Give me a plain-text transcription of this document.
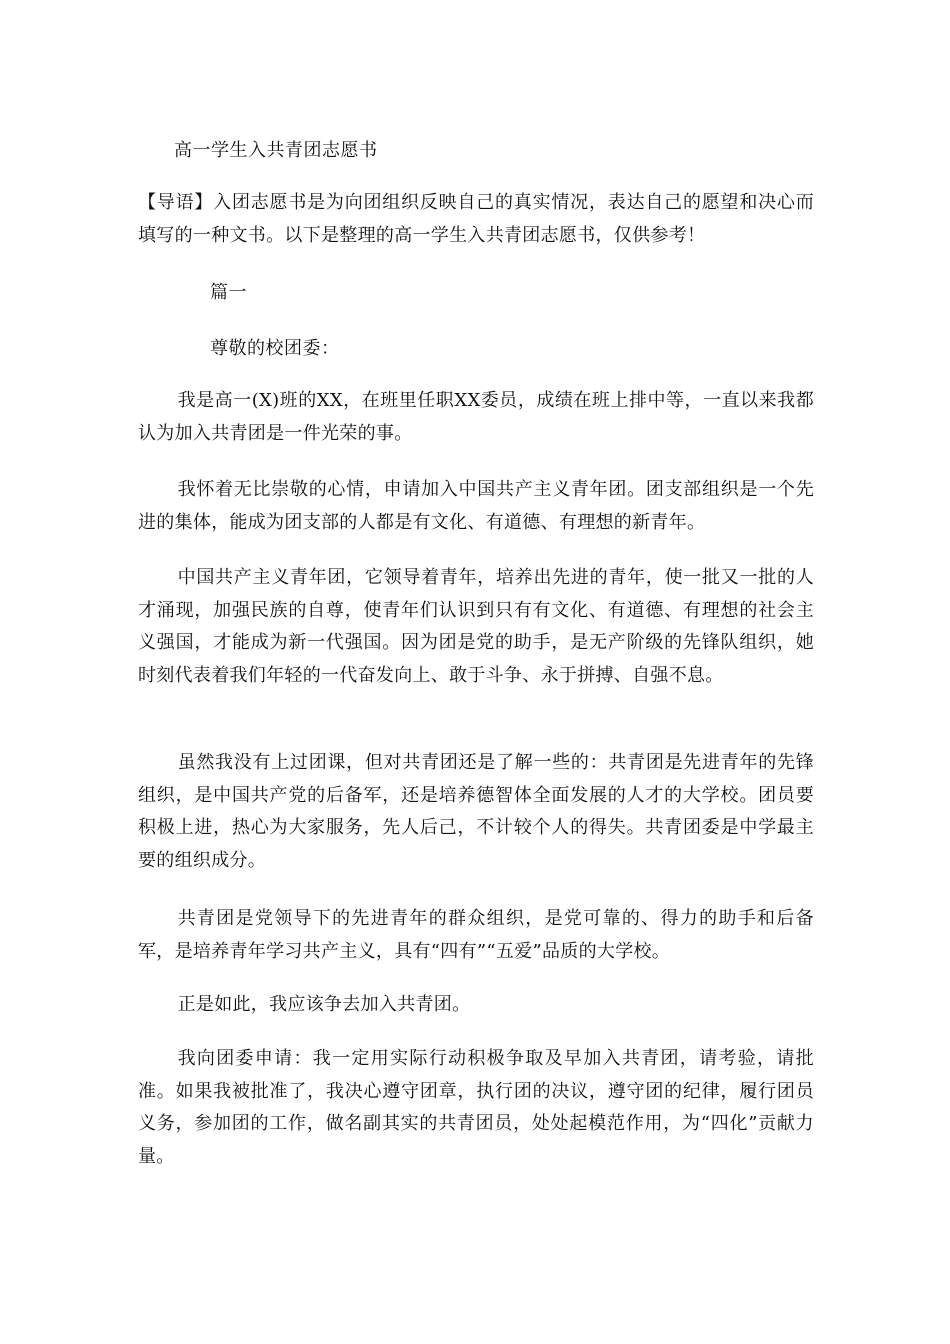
高一学生入共青团志愿书
【导语】入团志愿书是为向团组织反映自己的真实情况，表达自己的愿望和决心而填写的一种文书。以下是整理的高一学生入共青团志愿书，仅供参考！
篇一
尊敬的校团委：
我是高一(X)班的XX，在班里任职XX委员，成绩在班上排中等，一直以来我都认为加入共青团是一件光荣的事。
我怀着无比崇敬的心情，申请加入中国共产主义青年团。团支部组织是一个先进的集体，能成为团支部的人都是有文化、有道德、有理想的新青年。
中国共产主义青年团，它领导着青年，培养出先进的青年，使一批又一批的人才涌现，加强民族的自尊，使青年们认识到只有有文化、有道德、有理想的社会主义强国，才能成为新一代强国。因为团是党的助手，是无产阶级的先锋队组织，她时刻代表着我们年轻的一代奋发向上、敢于斗争、永于拼搏、自强不息。
虽然我没有上过团课，但对共青团还是了解一些的：共青团是先进青年的先锋组织，是中国共产党的后备军，还是培养德智体全面发展的人才的大学校。团员要积极上进，热心为大家服务，先人后己，不计较个人的得失。共青团委是中学最主要的组织成分。
共青团是党领导下的先进青年的群众组织，是党可靠的、得力的助手和后备军，是培养青年学习共产主义，具有“四有”“五爱”品质的大学校。
正是如此，我应该争去加入共青团。
我向团委申请：我一定用实际行动积极争取及早加入共青团，请考验，请批准。如果我被批准了，我决心遵守团章，执行团的决议，遵守团的纪律，履行团员义务，参加团的工作，做名副其实的共青团员，处处起模范作用，为“四化”贡献力量。
